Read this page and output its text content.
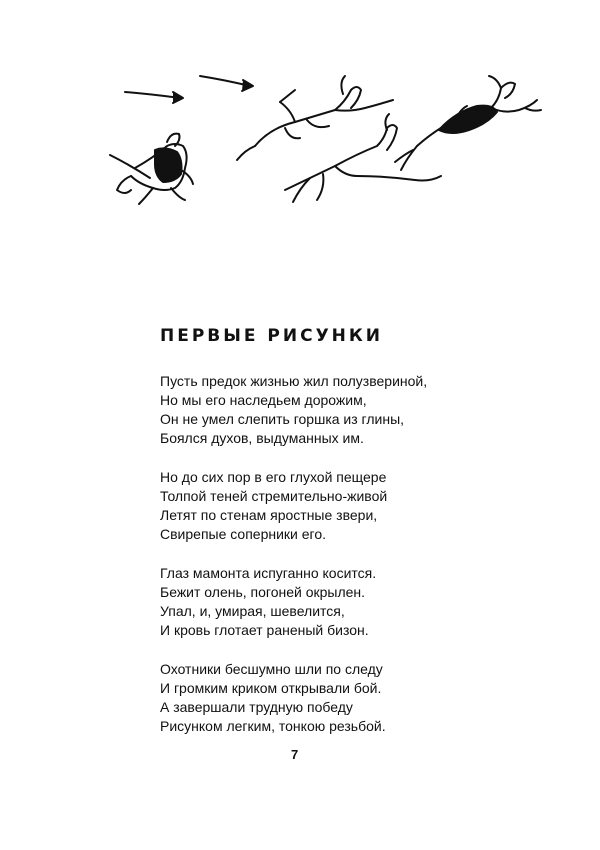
ПЕРВЫЕ РИСУНКИ
Пусть предок жизнью жил полузвериной,
Но мы его наследьем дорожим,
Он не умел слепить горшка из глины,
Боялся духов, выдуманных им.
Но до сих пор в его глухой пещере
Толпой теней стремительно-живой
Летят по стенам яростные звери,
Свирепые соперники его.
Глаз мамонта испуганно косится.
Бежит олень, погоней окрылен.
Упал, и, умирая, шевелится,
И кровь глотает раненый бизон.
Охотники бесшумно шли по следу
И громким криком открывали бой.
А завершали трудную победу
Рисунком легким, тонкою резьбой.
7
